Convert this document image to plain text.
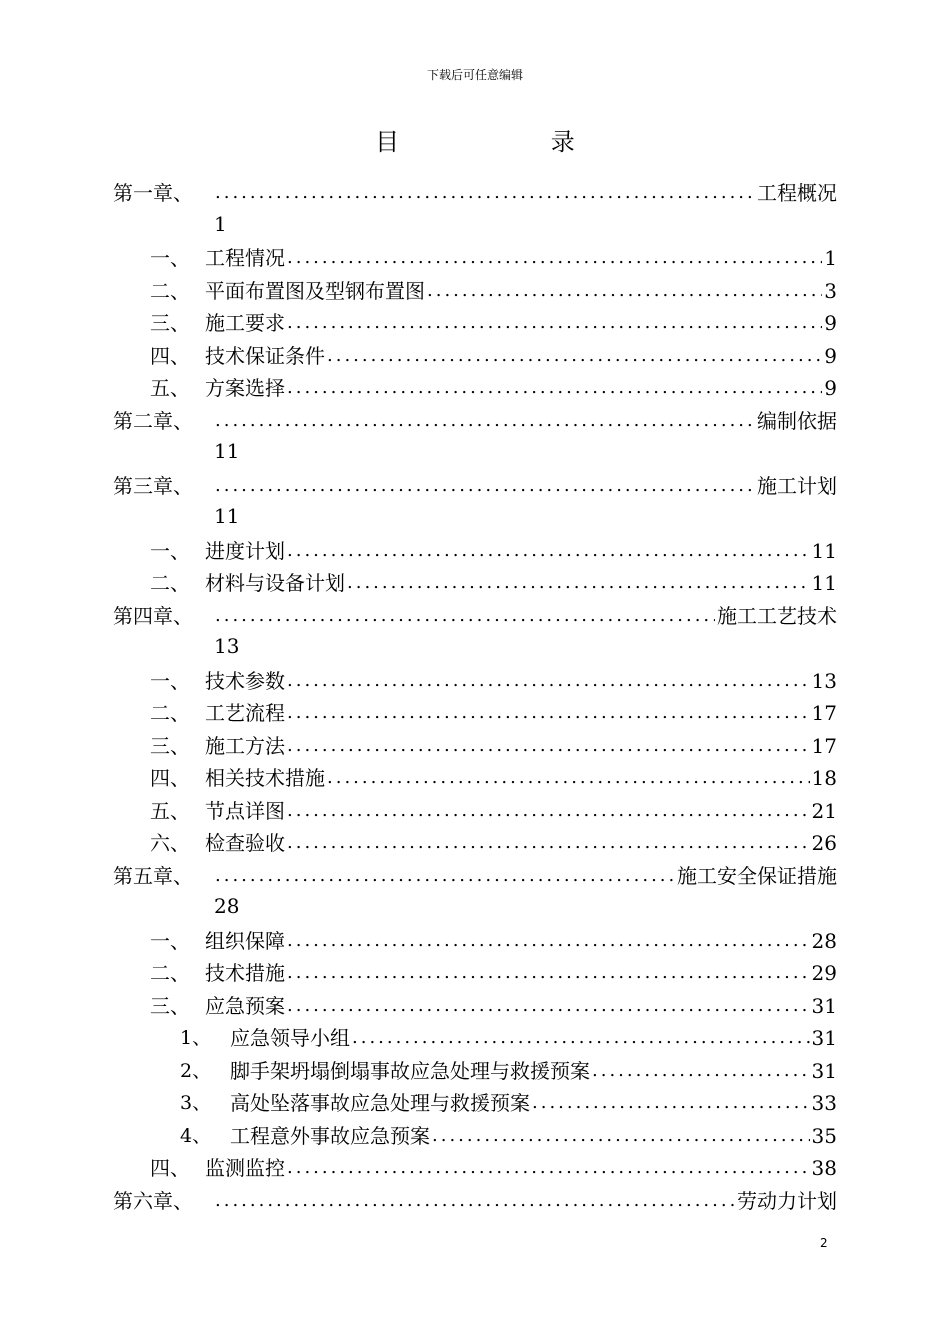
下载后可任意编辑
目 录
第一章、 .....	工程概况
1
一、 工程情况 .....	1
二、 平面布置图及型钢布置图 .....	3
三、 施工要求 .....	9
四、 技术保证条件 .....	9
五、 方案选择 .....	9
第二章、 .....	编制依据
11
第三章、 .....	施工计划
11
一、 进度计划 .....	11
二、 材料与设备计划 .....	11
第四章、 .....	施工工艺技术
13
一、 技术参数 .....	13
二、 工艺流程 .....	17
三、 施工方法 .....	17
四、 相关技术措施 .....	18
五、 节点详图 .....	21
六、 检查验收 .....	26
第五章、 .....	施工安全保证措施
28
一、 组织保障 .....	28
二、 技术措施 .....	29
三、 应急预案 .....	31
1、 应急领导小组 .....	31
2、 脚手架坍塌倒塌事故应急处理与救援预案 .....	31
3、 高处坠落事故应急处理与救援预案 .....	33
4、 工程意外事故应急预案 .....	35
四、 监测监控 .....	38
第六章、 .....	劳动力计划
2
